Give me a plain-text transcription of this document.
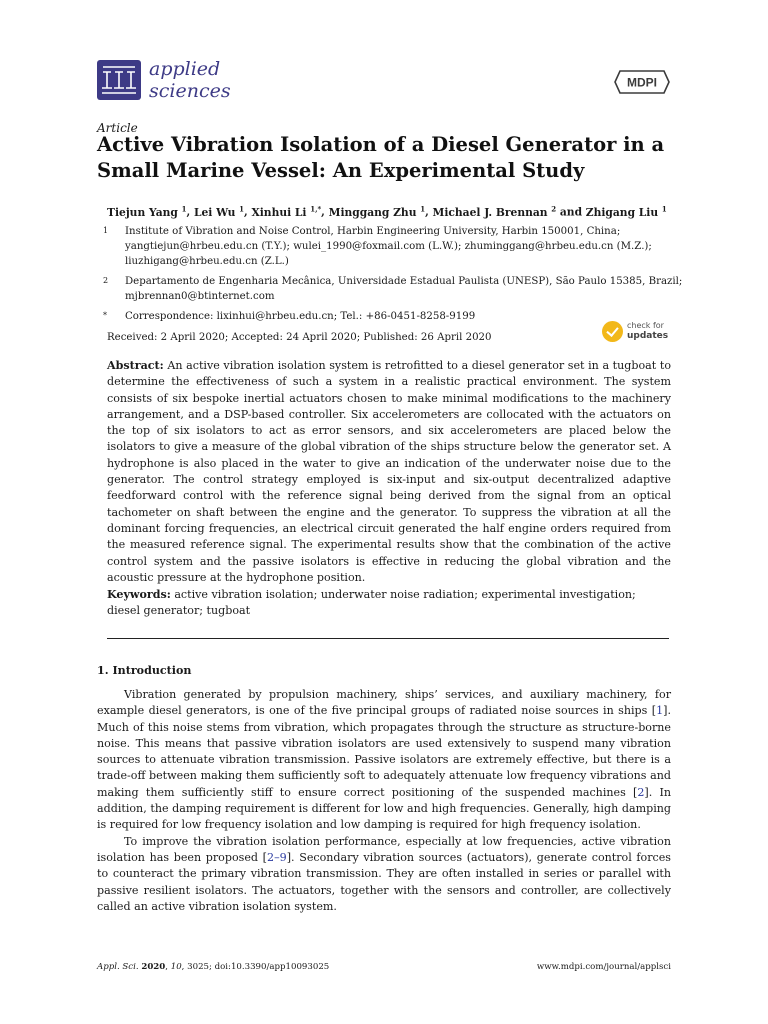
applied
sciences	MDPI
Article
Active Vibration Isolation of a Diesel Generator in a Small Marine Vessel: An Experimental Study
Tiejun Yang $^1$, Lei Wu $^1$, Xinhui Li $^{1,*}$, Minggang Zhu $^1$, Michael J. Brennan $^2$ and Zhigang Liu $^1$
1	Institute of Vibration and Noise Control, Harbin Engineering University, Harbin 150001, China;
yangtiejun@hrbeu.edu.cn (T.Y.); wulei_1990@foxmail.com (L.W.); zhuminggang@hrbeu.edu.cn (M.Z.);
liuzhigang@hrbeu.edu.cn (Z.L.)
2	Departamento de Engenharia Mecânica, Universidade Estadual Paulista (UNESP), São Paulo 15385, Brazil;
mjbrennan0@btinternet.com
*	Correspondence: lixinhui@hrbeu.edu.cn; Tel.: +86-0451-8258-9199
Received: 2 April 2020; Accepted: 24 April 2020; Published: 26 April 2020
check for
updates

Abstract: An active vibration isolation system is retrofitted to a diesel generator set in a tugboat to determine the effectiveness of such a system in a realistic practical environment. The system consists of six bespoke inertial actuators chosen to make minimal modifications to the machinery arrangement, and a DSP-based controller. Six accelerometers are collocated with the actuators on the top of six isolators to act as error sensors, and six accelerometers are placed below the isolators to give a measure of the global vibration of the ships structure below the generator set. A hydrophone is also placed in the water to give an indication of the underwater noise due to the generator. The control strategy employed is six-input and six-output decentralized adaptive feedforward control with the reference signal being derived from the signal from an optical tachometer on shaft between the engine and the generator. To suppress the vibration at all the dominant forcing frequencies, an electrical circuit generated the half engine orders required from the measured reference signal. The experimental results show that the combination of the active control system and the passive isolators is effective in reducing the global vibration and the acoustic pressure at the hydrophone position.

Keywords: active vibration isolation; underwater noise radiation; experimental investigation; diesel generator; tugboat

1. Introduction

Vibration generated by propulsion machinery, ships’ services, and auxiliary machinery, for example diesel generators, is one of the five principal groups of radiated noise sources in ships [1]. Much of this noise stems from vibration, which propagates through the structure as structure-borne noise. This means that passive vibration isolators are used extensively to suspend many vibration sources to attenuate vibration transmission. Passive isolators are extremely effective, but there is a trade-off between making them sufficiently soft to adequately attenuate low frequency vibrations and making them sufficiently stiff to ensure correct positioning of the suspended machines [2]. In addition, the damping requirement is different for low and high frequencies. Generally, high damping is required for low frequency isolation and low damping is required for high frequency isolation.

To improve the vibration isolation performance, especially at low frequencies, active vibration isolation has been proposed [2–9]. Secondary vibration sources (actuators), generate control forces to counteract the primary vibration transmission. They are often installed in series or parallel with passive resilient isolators. The actuators, together with the sensors and controller, are collectively called an active vibration isolation system.

Appl. Sci. 2020, 10, 3025; doi:10.3390/app10093025	www.mdpi.com/journal/applsci
